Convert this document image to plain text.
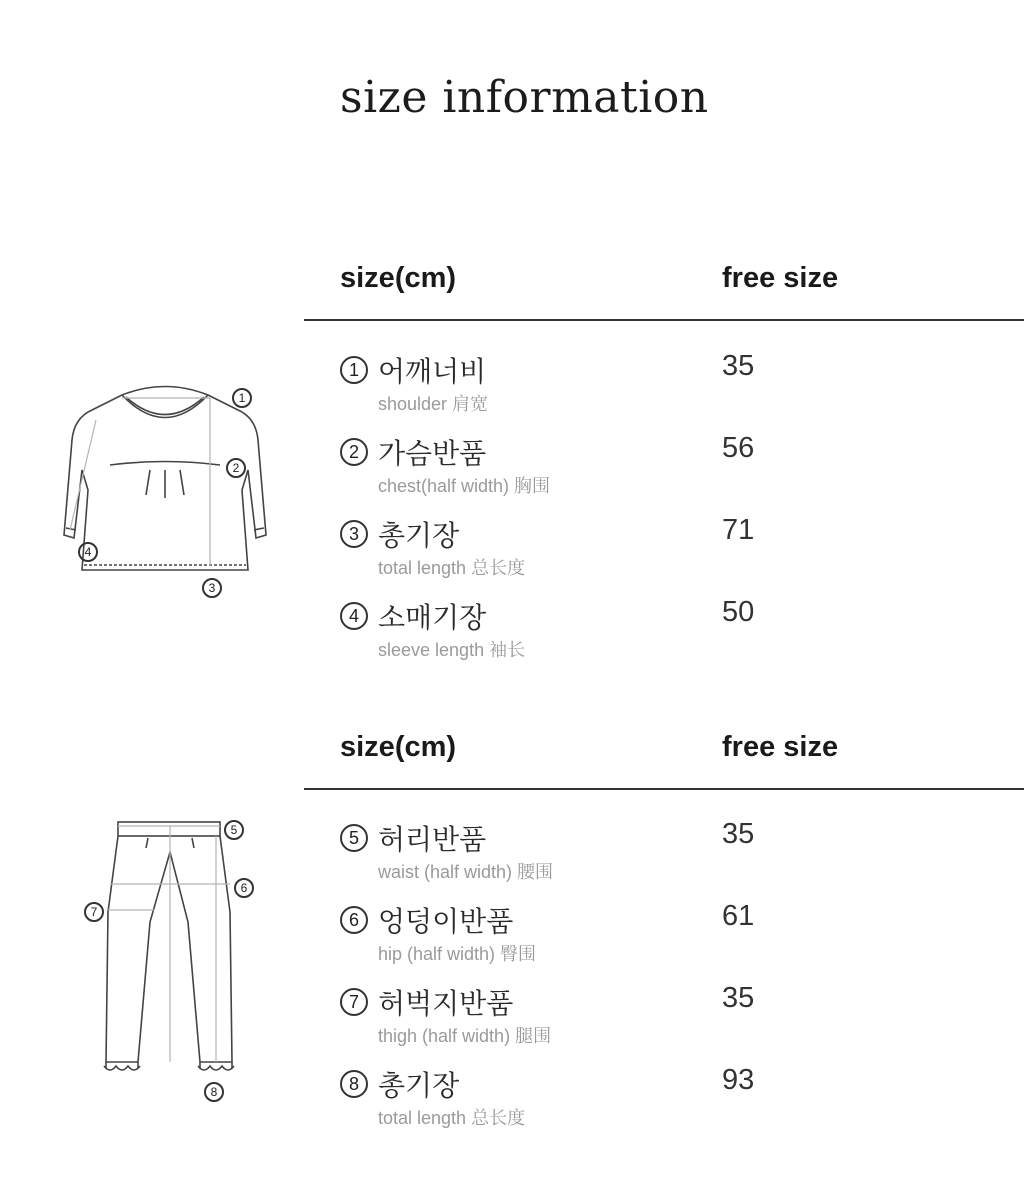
size information
1
2
3
4
size(cm)	free size
1 어깨너비
shoulder 肩宽
35
2 가슴반품
chest(half width) 胸围
56
3 총기장
total length 总长度
71
4 소매기장
sleeve length 袖长
50
5
6
7
8
size(cm)	free size
5 허리반품
waist (half width) 腰围
35
6 엉덩이반품
hip (half width) 臀围
61
7 허벅지반품
thigh (half width) 腿围
35
8 총기장
total length 总长度
93
